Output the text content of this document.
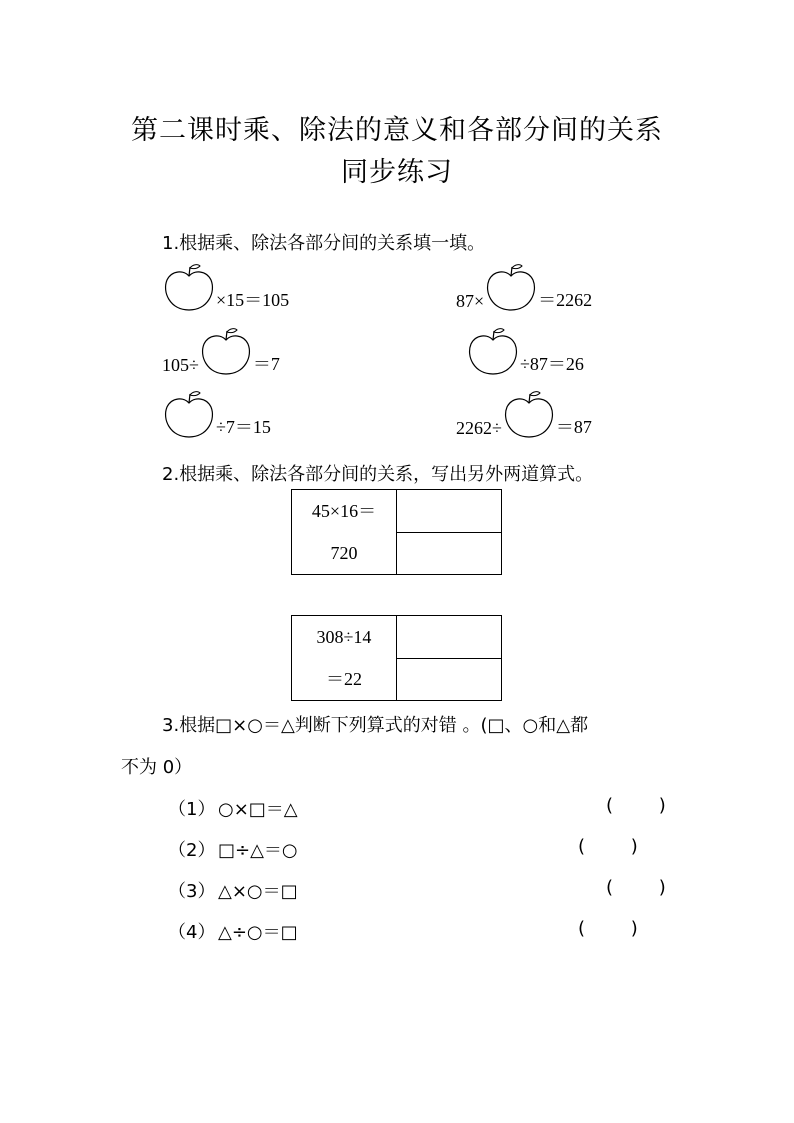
第二课时乘、除法的意义和各部分间的关系
同步练习
1.根据乘、除法各部分间的关系填一填。
×15＝105	87×	＝2262
105÷	＝7	÷87＝26
÷7＝15	2262÷	＝87
2.根据乘、除法各部分间的关系，写出另外两道算式。
45×16＝
720

308÷14
＝22

3.根据□×○＝△判断下列算式的对错 。(□、○和△都
不为 0）
（1） ○×□＝△	(        )
（2） □÷△＝○	(        )
（3） △×○＝□	(        )
（4） △÷○＝□	(        )
